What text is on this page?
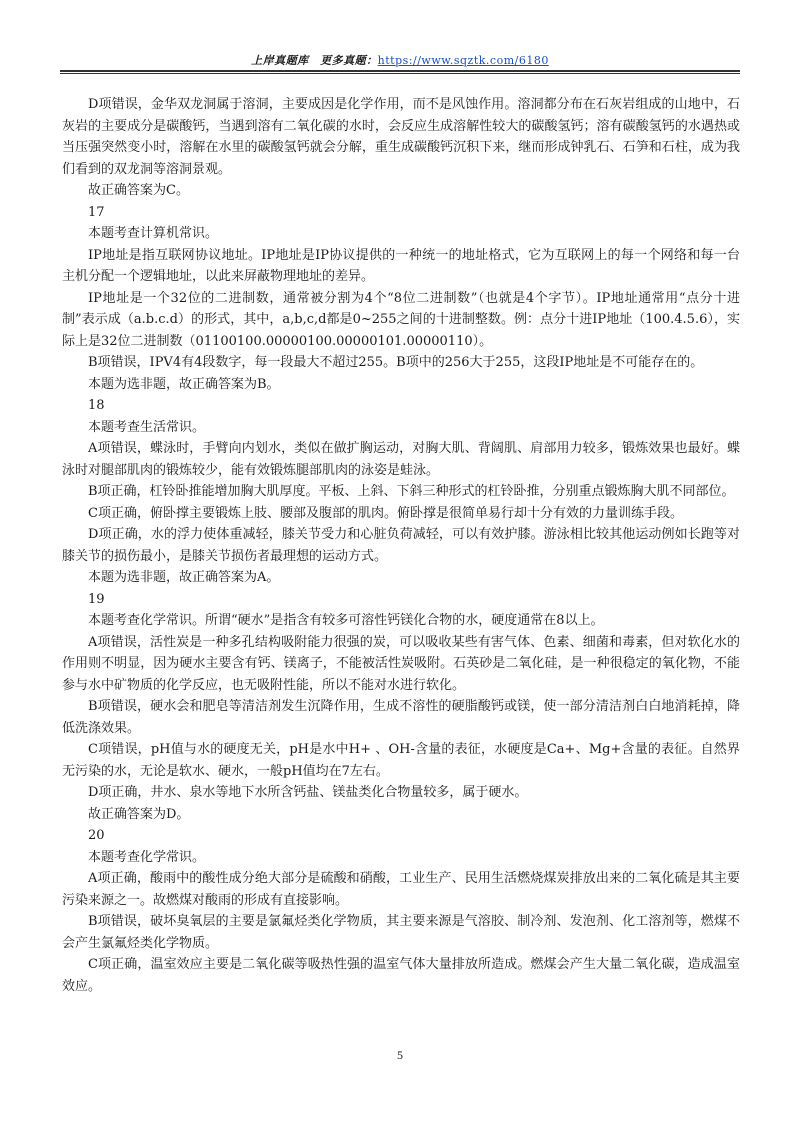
上岸真题库　更多真题：https://www.sqztk.com/6180

D项错误，金华双龙洞属于溶洞，主要成因是化学作用，而不是风蚀作用。溶洞都分布在石灰岩组成的山地中，石灰岩的主要成分是碳酸钙，当遇到溶有二氧化碳的水时，会反应生成溶解性较大的碳酸氢钙；溶有碳酸氢钙的水遇热或当压强突然变小时，溶解在水里的碳酸氢钙就会分解，重生成碳酸钙沉积下来，继而形成钟乳石、石笋和石柱，成为我们看到的双龙洞等溶洞景观。

故正确答案为C。

17

本题考查计算机常识。

IP地址是指互联网协议地址。IP地址是IP协议提供的一种统一的地址格式，它为互联网上的每一个网络和每一台主机分配一个逻辑地址，以此来屏蔽物理地址的差异。

IP地址是一个32位的二进制数，通常被分割为4个“8位二进制数”（也就是4个字节）。IP地址通常用“点分十进制”表示成（a.b.c.d）的形式，其中，a,b,c,d都是0~255之间的十进制整数。例：点分十进IP地址（100.4.5.6），实际上是32位二进制数（01100100.00000100.00000101.00000110）。

B项错误，IPV4有4段数字，每一段最大不超过255。B项中的256大于255，这段IP地址是不可能存在的。

本题为选非题，故正确答案为B。

18

本题考查生活常识。

A项错误，蝶泳时，手臂向内划水，类似在做扩胸运动，对胸大肌、背阔肌、肩部用力较多，锻炼效果也最好。蝶泳时对腿部肌肉的锻炼较少，能有效锻炼腿部肌肉的泳姿是蛙泳。

B项正确，杠铃卧推能增加胸大肌厚度。平板、上斜、下斜三种形式的杠铃卧推，分别重点锻炼胸大肌不同部位。

C项正确，俯卧撑主要锻炼上肢、腰部及腹部的肌肉。俯卧撑是很简单易行却十分有效的力量训练手段。

D项正确，水的浮力使体重减轻，膝关节受力和心脏负荷减轻，可以有效护膝。游泳相比较其他运动例如长跑等对膝关节的损伤最小，是膝关节损伤者最理想的运动方式。

本题为选非题，故正确答案为A。

19

本题考查化学常识。所谓“硬水”是指含有较多可溶性钙镁化合物的水，硬度通常在8以上。

A项错误，活性炭是一种多孔结构吸附能力很强的炭，可以吸收某些有害气体、色素、细菌和毒素，但对软化水的作用则不明显，因为硬水主要含有钙、镁离子，不能被活性炭吸附。石英砂是二氧化硅，是一种很稳定的氧化物，不能参与水中矿物质的化学反应，也无吸附性能，所以不能对水进行软化。

B项错误，硬水会和肥皂等清洁剂发生沉降作用，生成不溶性的硬脂酸钙或镁，使一部分清洁剂白白地消耗掉，降低洗涤效果。

C项错误，pH值与水的硬度无关，pH是水中H+ 、OH-含量的表征，水硬度是Ca+、Mg+含量的表征。自然界无污染的水，无论是软水、硬水，一般pH值均在7左右。

D项正确，井水、泉水等地下水所含钙盐、镁盐类化合物量较多，属于硬水。

故正确答案为D。

20

本题考查化学常识。

A项正确，酸雨中的酸性成分绝大部分是硫酸和硝酸，工业生产、民用生活燃烧煤炭排放出来的二氧化硫是其主要污染来源之一。故燃煤对酸雨的形成有直接影响。

B项错误，破坏臭氧层的主要是氯氟烃类化学物质，其主要来源是气溶胶、制冷剂、发泡剂、化工溶剂等，燃煤不会产生氯氟烃类化学物质。

C项正确，温室效应主要是二氧化碳等吸热性强的温室气体大量排放所造成。燃煤会产生大量二氧化碳，造成温室效应。

5
